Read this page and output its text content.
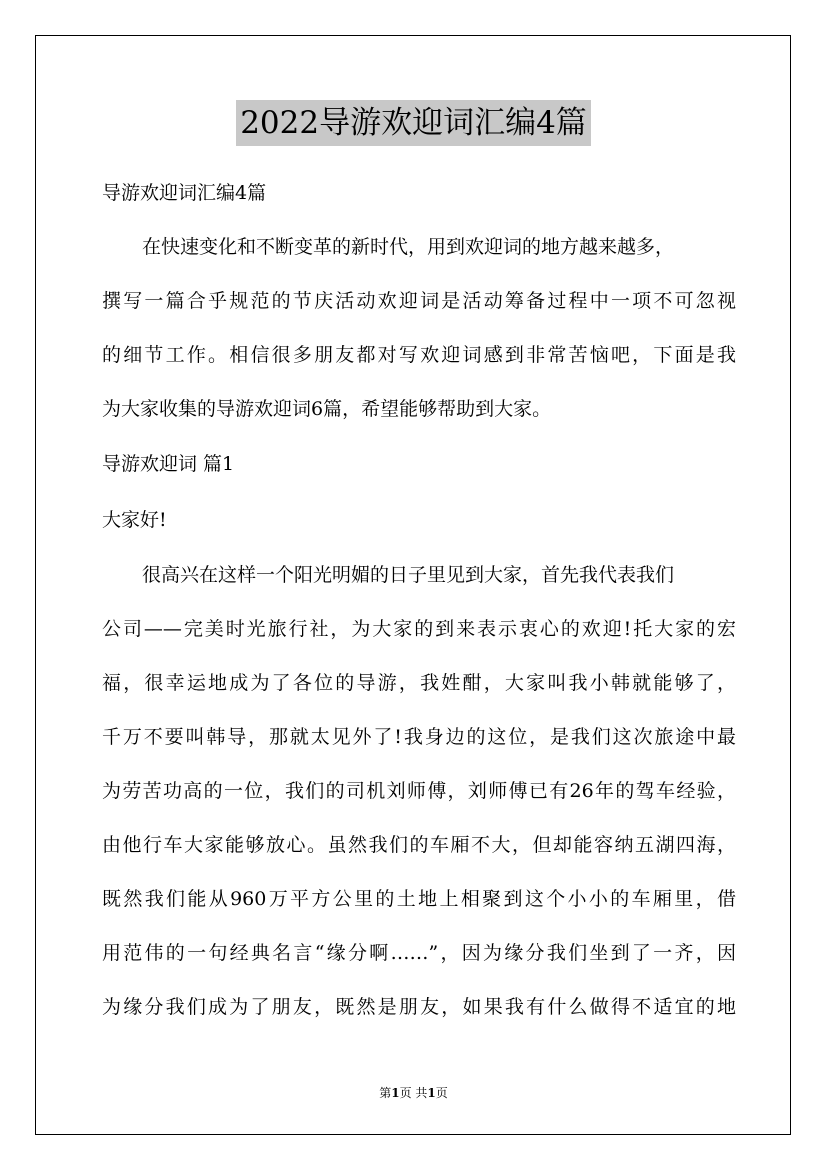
2022导游欢迎词汇编4篇
导游欢迎词汇编4篇
在快速变化和不断变革的新时代，用到欢迎词的地方越来越多，
撰写一篇合乎规范的节庆活动欢迎词是活动筹备过程中一项不可忽视
的细节工作。相信很多朋友都对写欢迎词感到非常苦恼吧，下面是我
为大家收集的导游欢迎词6篇，希望能够帮助到大家。
导游欢迎词 篇1
大家好!
很高兴在这样一个阳光明媚的日子里见到大家，首先我代表我们
公司——完美时光旅行社，为大家的到来表示衷心的欢迎!托大家的宏
福，很幸运地成为了各位的导游，我姓酣，大家叫我小韩就能够了，
千万不要叫韩导，那就太见外了!我身边的这位，是我们这次旅途中最
为劳苦功高的一位，我们的司机刘师傅，刘师傅已有26年的驾车经验，
由他行车大家能够放心。虽然我们的车厢不大，但却能容纳五湖四海，
既然我们能从960万平方公里的土地上相聚到这个小小的车厢里，借
用范伟的一句经典名言“缘分啊……”，因为缘分我们坐到了一齐，因
为缘分我们成为了朋友，既然是朋友，如果我有什么做得不适宜的地
第1页 共1页
